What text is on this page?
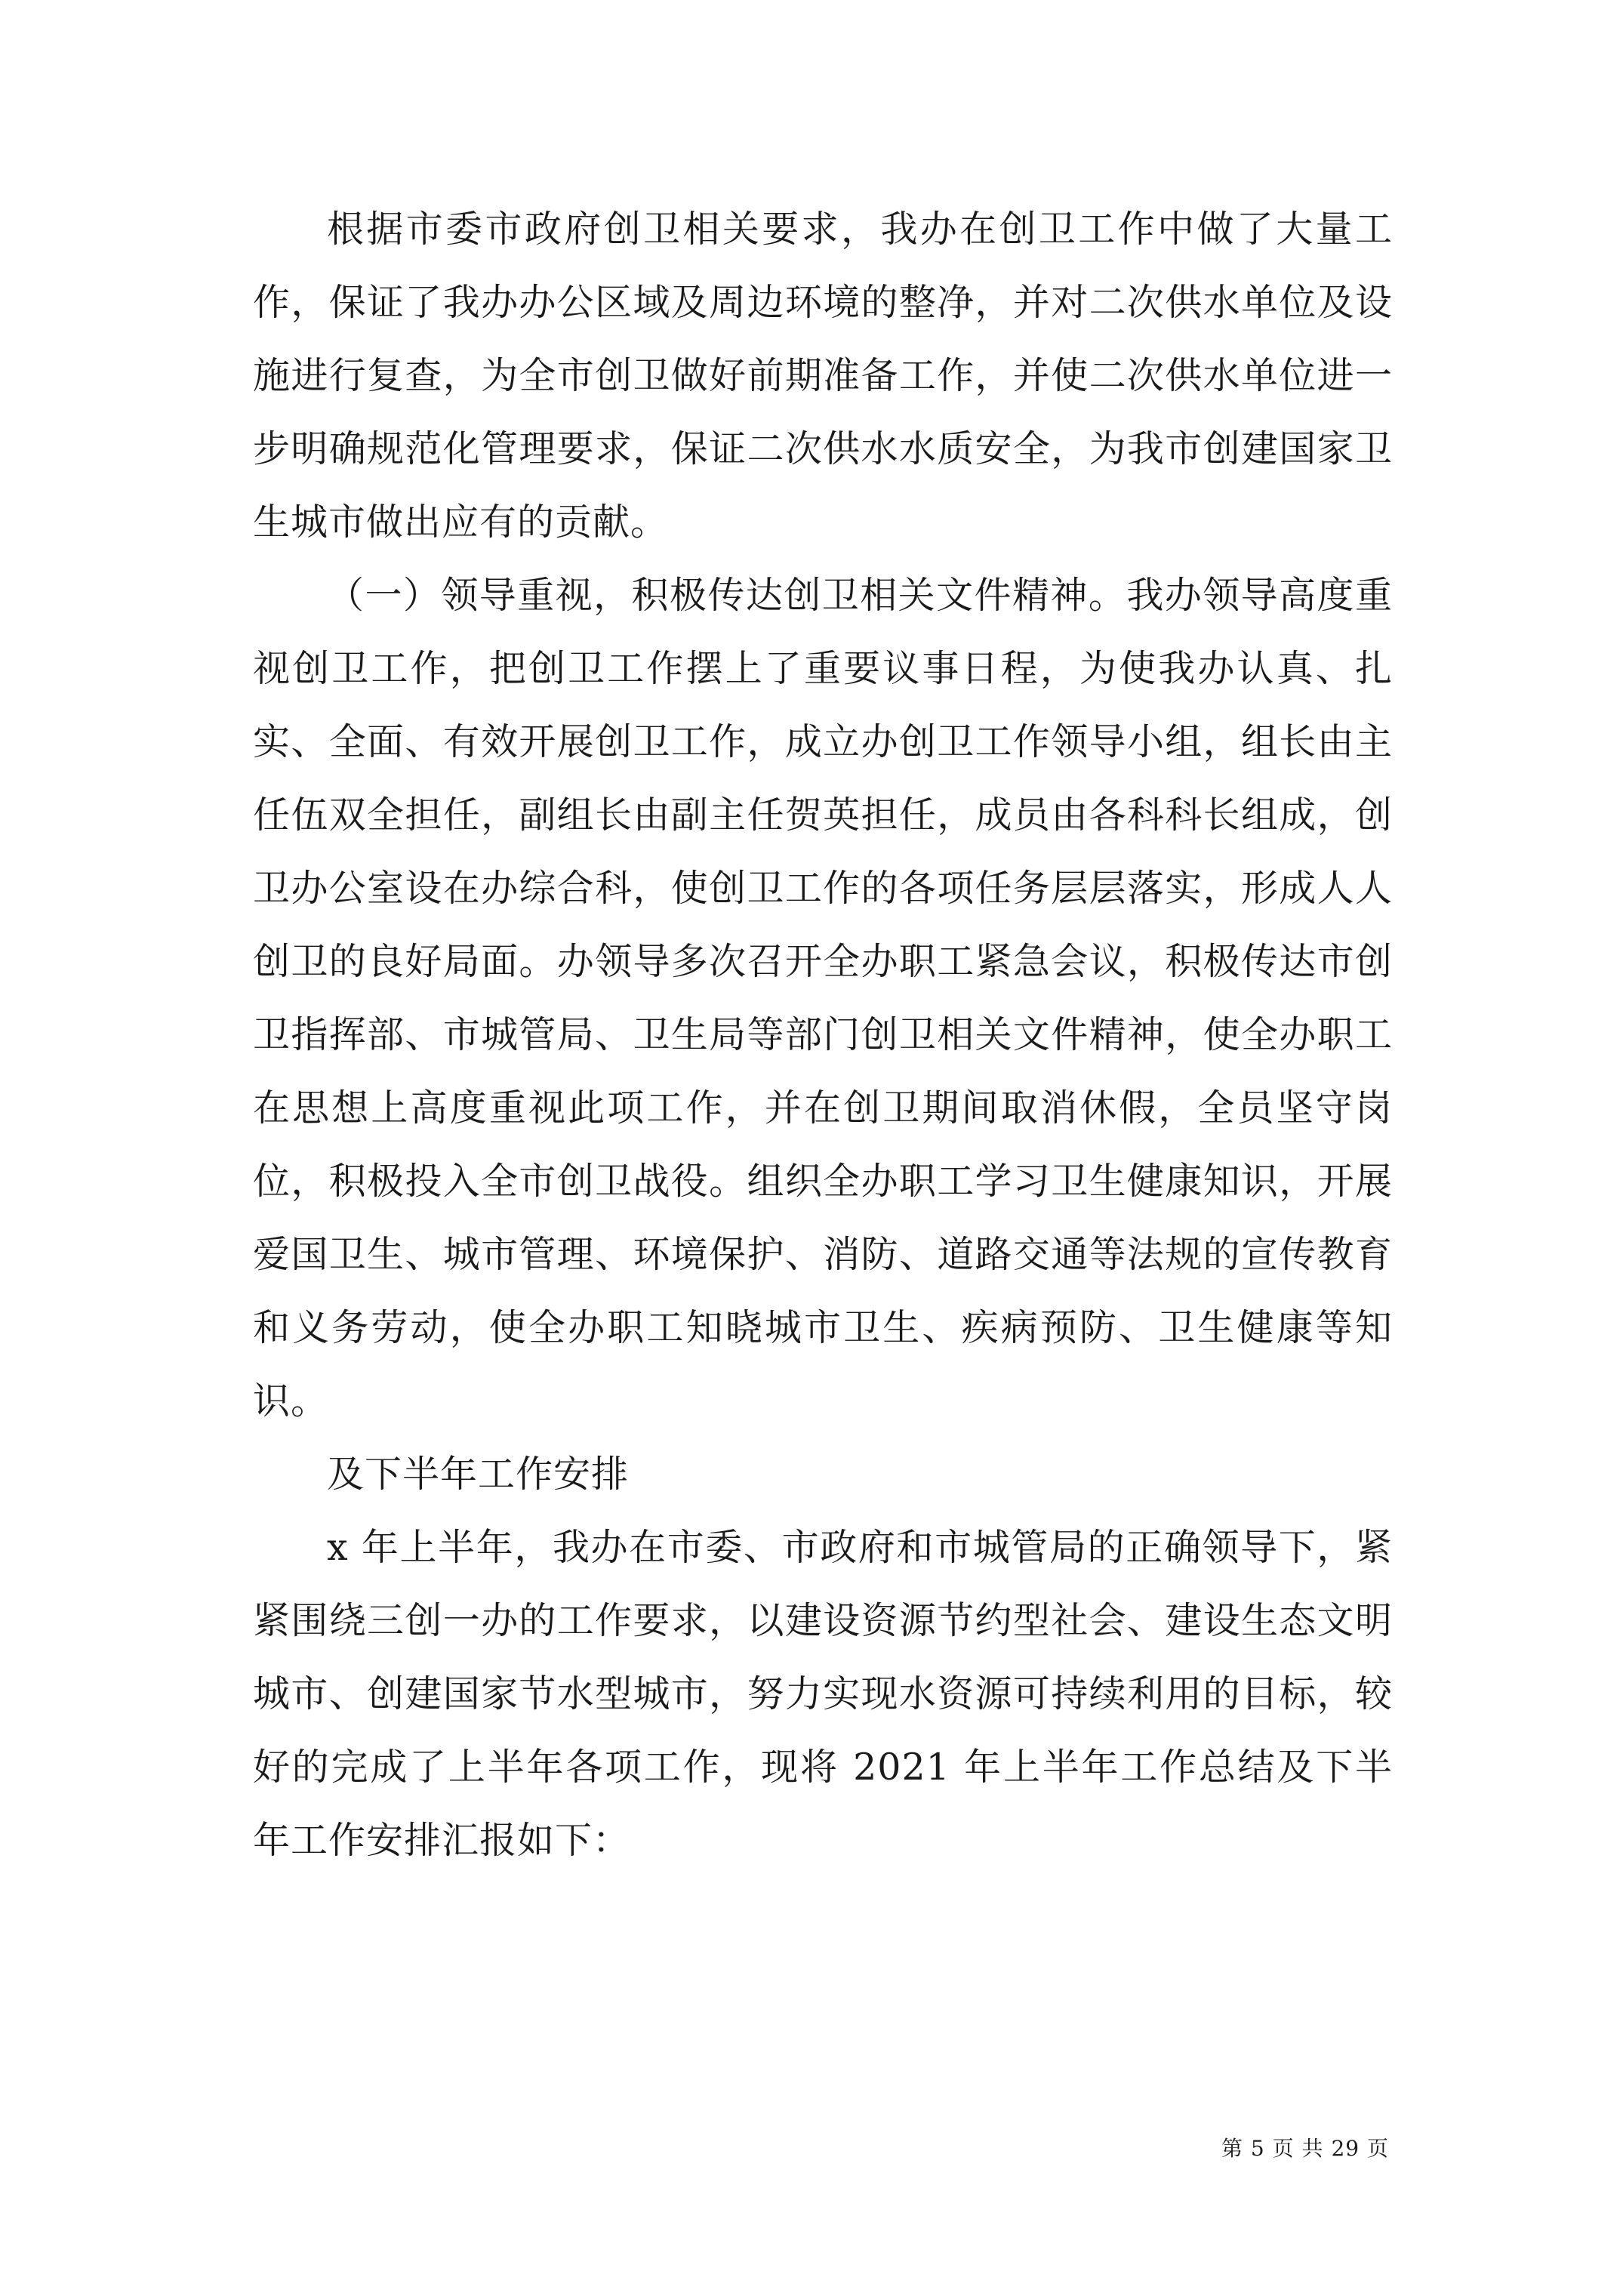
根据市委市政府创卫相关要求，我办在创卫工作中做了大量工作，保证了我办办公区域及周边环境的整净，并对二次供水单位及设施进行复查，为全市创卫做好前期准备工作，并使二次供水单位进一步明确规范化管理要求，保证二次供水水质安全，为我市创建国家卫生城市做出应有的贡献。

（一）领导重视，积极传达创卫相关文件精神。我办领导高度重视创卫工作，把创卫工作摆上了重要议事日程，为使我办认真、扎实、全面、有效开展创卫工作，成立办创卫工作领导小组，组长由主任伍双全担任，副组长由副主任贺英担任，成员由各科科长组成，创卫办公室设在办综合科，使创卫工作的各项任务层层落实，形成人人创卫的良好局面。办领导多次召开全办职工紧急会议，积极传达市创卫指挥部、市城管局、卫生局等部门创卫相关文件精神，使全办职工在思想上高度重视此项工作，并在创卫期间取消休假，全员坚守岗位，积极投入全市创卫战役。组织全办职工学习卫生健康知识，开展爱国卫生、城市管理、环境保护、消防、道路交通等法规的宣传教育和义务劳动，使全办职工知晓城市卫生、疾病预防、卫生健康等知识。

及下半年工作安排

x 年上半年，我办在市委、市政府和市城管局的正确领导下，紧紧围绕三创一办的工作要求，以建设资源节约型社会、建设生态文明城市、创建国家节水型城市，努力实现水资源可持续利用的目标，较好的完成了上半年各项工作，现将 2021 年上半年工作总结及下半年工作安排汇报如下：

第 5 页 共 29 页
